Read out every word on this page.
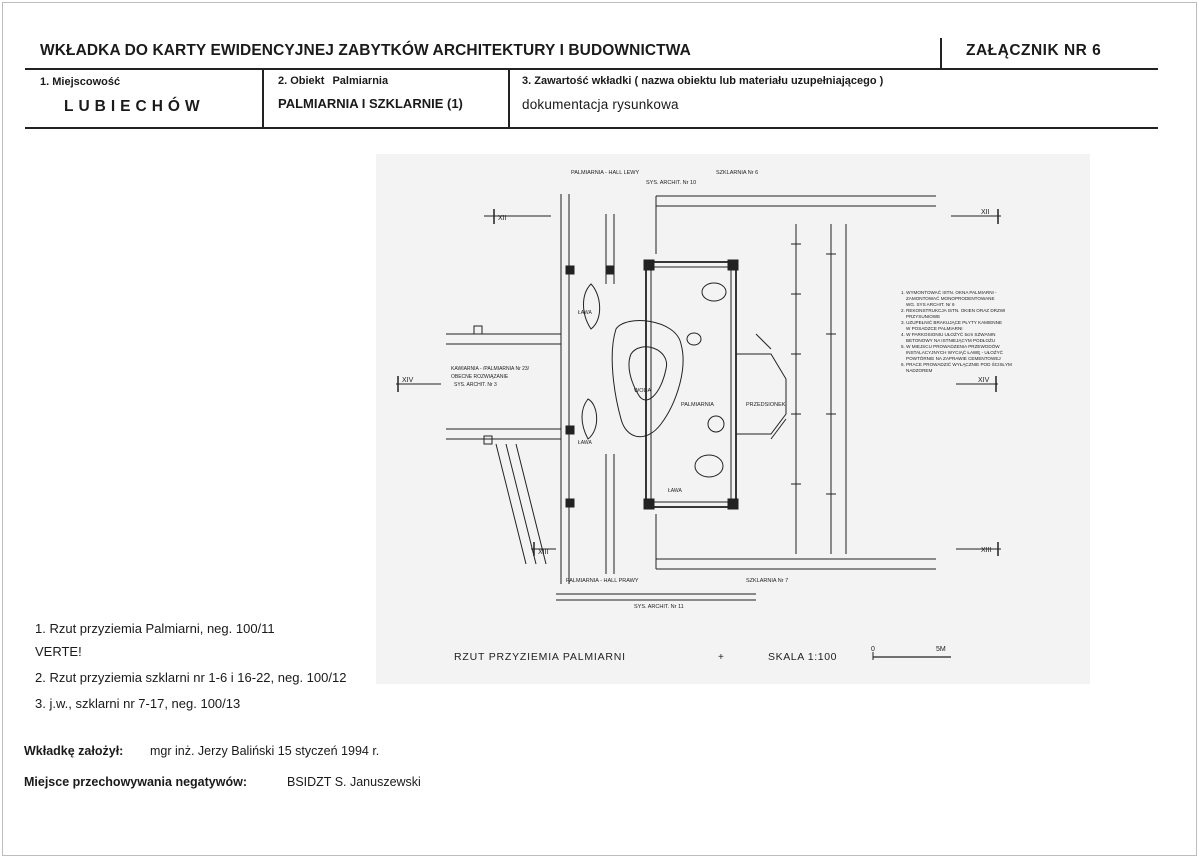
WKŁADKA DO KARTY EWIDENCYJNEJ ZABYTKÓW ARCHITEKTURY I BUDOWNICTWA	ZAŁĄCZNIK NR 6
1. Miejscowość
LUBIECHÓW
2. Obiekt Palmiarnia
PALMIARNIA I SZKLARNIE (1)
3. Zawartość wkładki ( nazwa obiektu lub materiału uzupełniającego )
dokumentacja rysunkowa
PALMIARNIA - HALL LEWY	SZKLARNIA Nr 6
SYS. ARCHIT. Nr 10
XII
XII
XIV	XIV
XIII	XIII
WODA
PALMIARNIA	PRZEDSIONEK
ŁAWA
ŁAWA
ŁAWA
KAWIARNIA - /PALMIARNIA Nr 23/
OBECNE ROZWIĄZANIE
SYS. ARCHIT. Nr 3
PALMIARNIA - HALL PRAWY	SZKLARNIA Nr 7
SYS. ARCHIT. Nr 11
1. WYMONTOWAĆ ISTN. OKNA PALMIARNI -
ZAMONTOWAĆ MONOPRODENTOWANE
WG. SYS ARCHIT. Nr 6
2. REKONSTRUKCJA ISTN. OKIEN ORAZ DRZWI
PRZYSUNIOWE
3. UZUPEŁNIĆ BRAKUJĄCE PŁYTY KAMIENNE
W POSADZCE PALMIARNI
4. W PARKOSIONIU UŁOŻYĆ 5cm SZWANIN
BETONOWY NA ISTNIEJĄCYM PODŁOŻU
5. W MIEJSCU PROWADZENIA PRZEWODÓW
INSTALACYJNYCH WYCIĄĆ ŁAWĘ - UŁOŻYĆ
POWTÓRNIE NA ZAPRAWIE CEMENTOWEJ
6. PRACE PROWADZIĆ WYŁĄCZNIE POD ŚCISŁYM
NADZOREM
RZUT PRZYZIEMIA PALMIARNI	+	SKALA 1:100
0	5M
1. Rzut przyziemia Palmiarni, neg. 100/11
VERTE!
2. Rzut przyziemia szklarni nr 1-6 i 16-22, neg. 100/12
3. j.w., szklarni nr 7-17, neg. 100/13
Wkładkę założył: mgr inż. Jerzy Baliński 15 styczeń 1994 r.
Miejsce przechowywania negatywów:	BSIDZT S. Januszewski
